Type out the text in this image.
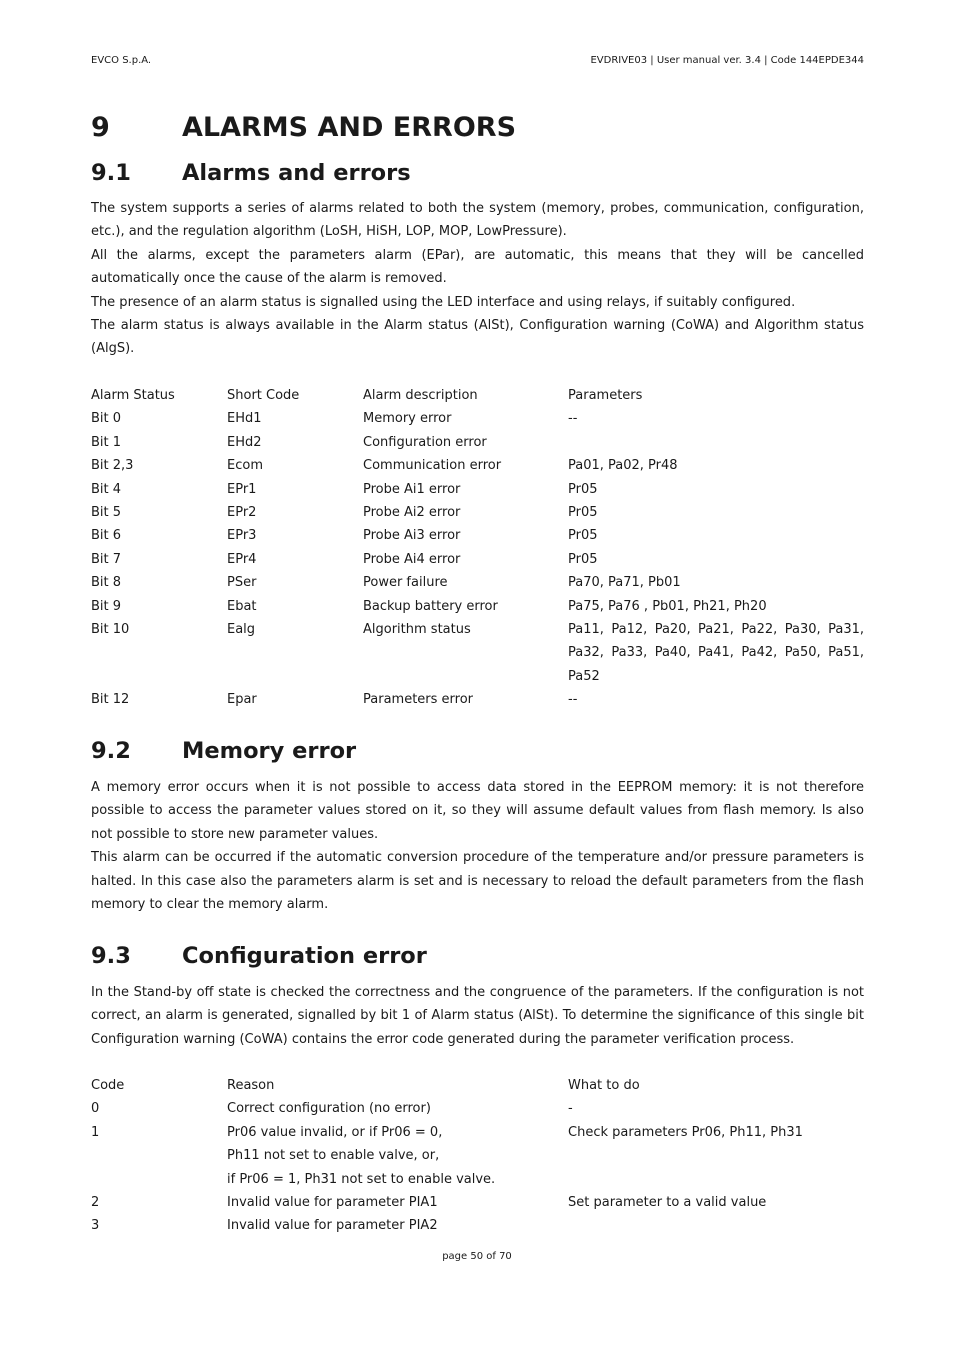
EVCO S.p.A.	EVDRIVE03 | User manual ver. 3.4 | Code 144EPDE344
9	ALARMS AND ERRORS
9.1 Alarms and errors

The system supports a series of alarms related to both the system (memory, probes, communication, configuration, etc.), and the regulation algorithm (LoSH, HiSH, LOP, MOP, LowPressure).

All the alarms, except the parameters alarm (EPar), are automatic, this means that they will be cancelled automatically once the cause of the alarm is removed.

The presence of an alarm status is signalled using the LED interface and using relays, if suitably configured.

The alarm status is always available in the Alarm status (AlSt), Configuration warning (CoWA) and Algorithm status (AlgS).

Alarm Status	Short Code	Alarm description	Parameters
Bit 0	EHd1	Memory error	--
Bit 1	EHd2	Configuration error
Bit 2,3	Ecom	Communication error	Pa01, Pa02, Pr48
Bit 4	EPr1	Probe Ai1 error	Pr05
Bit 5	EPr2	Probe Ai2 error	Pr05
Bit 6	EPr3	Probe Ai3 error	Pr05
Bit 7	EPr4	Probe Ai4 error	Pr05
Bit 8	PSer	Power failure	Pa70, Pa71, Pb01
Bit 9	Ebat	Backup battery error	Pa75, Pa76 , Pb01, Ph21, Ph20
Bit 10	Ealg	Algorithm status	Pa11, Pa12, Pa20, Pa21, Pa22, Pa30, Pa31, Pa32, Pa33, Pa40, Pa41, Pa42, Pa50, Pa51, Pa52
Bit 12	Epar	Parameters error	--
9.2 Memory error

A memory error occurs when it is not possible to access data stored in the EEPROM memory: it is not therefore possible to access the parameter values stored on it, so they will assume default values from flash memory. Is also not possible to store new parameter values.

This alarm can be occurred if the automatic conversion procedure of the temperature and/or pressure parameters is halted. In this case also the parameters alarm is set and is necessary to reload the default parameters from the flash memory to clear the memory alarm.

9.3 Configuration error

In the Stand-by off state is checked the correctness and the congruence of the parameters. If the configuration is not correct, an alarm is generated, signalled by bit 1 of Alarm status (AlSt). To determine the significance of this single bit Configuration warning (CoWA) contains the error code generated during the parameter verification process.

Code	Reason	What to do
0	Correct configuration (no error)	-
1	Pr06 value invalid, or if Pr06 = 0,	Check parameters Pr06, Ph11, Ph31
Ph11 not set to enable valve, or,
if Pr06 = 1, Ph31 not set to enable valve.
2	Invalid value for parameter PIA1	Set parameter to a valid value
3	Invalid value for parameter PIA2
page 50 of 70
